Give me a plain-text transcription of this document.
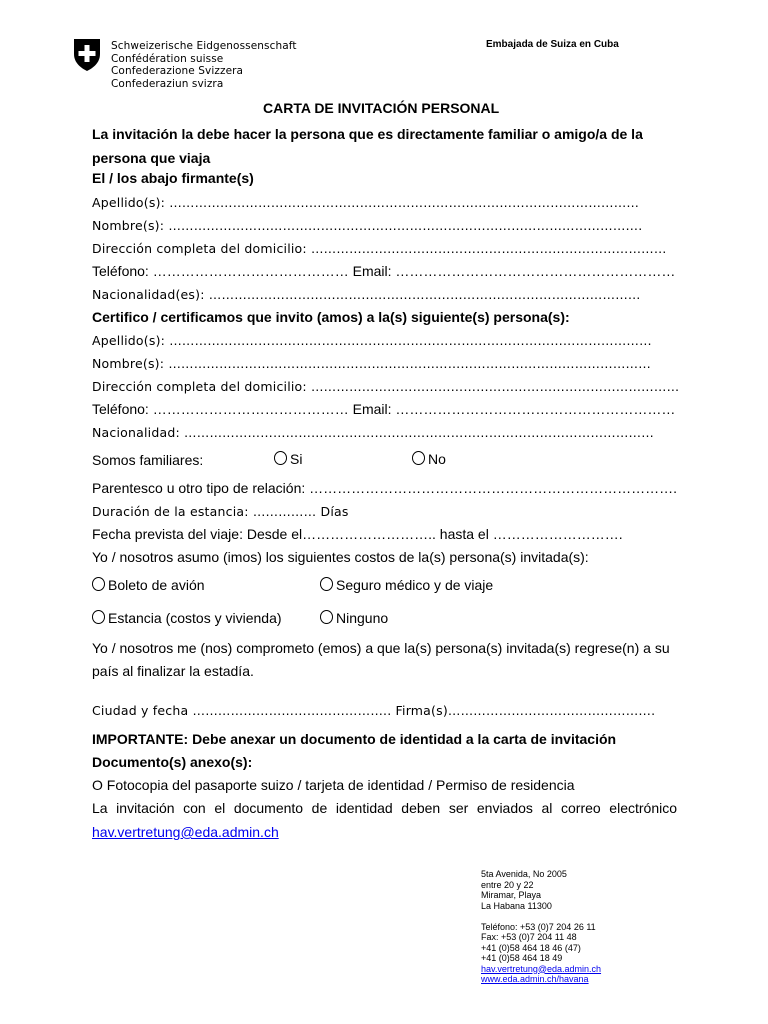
Schweizerische Eidgenossenschaft
Confédération suisse
Confederazione Svizzera
Confederaziun svizra
Embajada de Suiza en Cuba
CARTA DE INVITACIÓN PERSONAL
La invitación la debe hacer la persona que es directamente familiar o amigo/a de la persona que viaja
El / los abajo firmante(s)
Apellido(s): …………………………………………………………………………………………………
Nombre(s): ………………………………………………………………………………………………….
Dirección completa del domicilio: …………………………………………………………………………
Teléfono: …………………………………… Email: ……………………………………………………
Nacionalidad(es): …………………………………………………………………………………………
Certifico / certificamos que invito (amos) a la(s) siguiente(s) persona(s):
Apellido(s): ……………………………………………………………………………………………………
Nombre(s): ……………………………………………………………………………………………………
Dirección completa del domicilio: ……………………………………………………………………………
Teléfono: …………………………………… Email: ……………………………………………………
Nacionalidad: …………………………………………………………………………………………………
Somos familiares:	Si	No
Parentesco u otro tipo de relación: …………………………………………………………………….
Duración de la estancia: …………… Días
Fecha prevista del viaje: Desde el……………………….. hasta el ……………………….
Yo / nosotros asumo (imos) los siguientes costos de la(s) persona(s) invitada(s):
Boleto de avión	Seguro médico y de viaje
Estancia (costos y vivienda)	Ninguno
Yo / nosotros me (nos) comprometo (emos) a que la(s) persona(s) invitada(s) regrese(n) a su país al finalizar la estadía.
Ciudad y fecha ……………………………………….. Firma(s)………………………………………….
IMPORTANTE: Debe anexar un documento de identidad a la carta de invitación
Documento(s) anexo(s):
O Fotocopia del pasaporte suizo / tarjeta de identidad / Permiso de residencia
La invitación con el documento de identidad deben ser enviados al correo electrónico
hav.vertretung@eda.admin.ch
5ta Avenida, No 2005
entre 20 y 22
Miramar, Playa
La Habana 11300
Teléfono: +53 (0)7 204 26 11
Fax: +53 (0)7 204 11 48
+41 (0)58 464 18 46 (47)
+41 (0)58 464 18 49
hav.vertretung@eda.admin.ch
www.eda.admin.ch/havana
